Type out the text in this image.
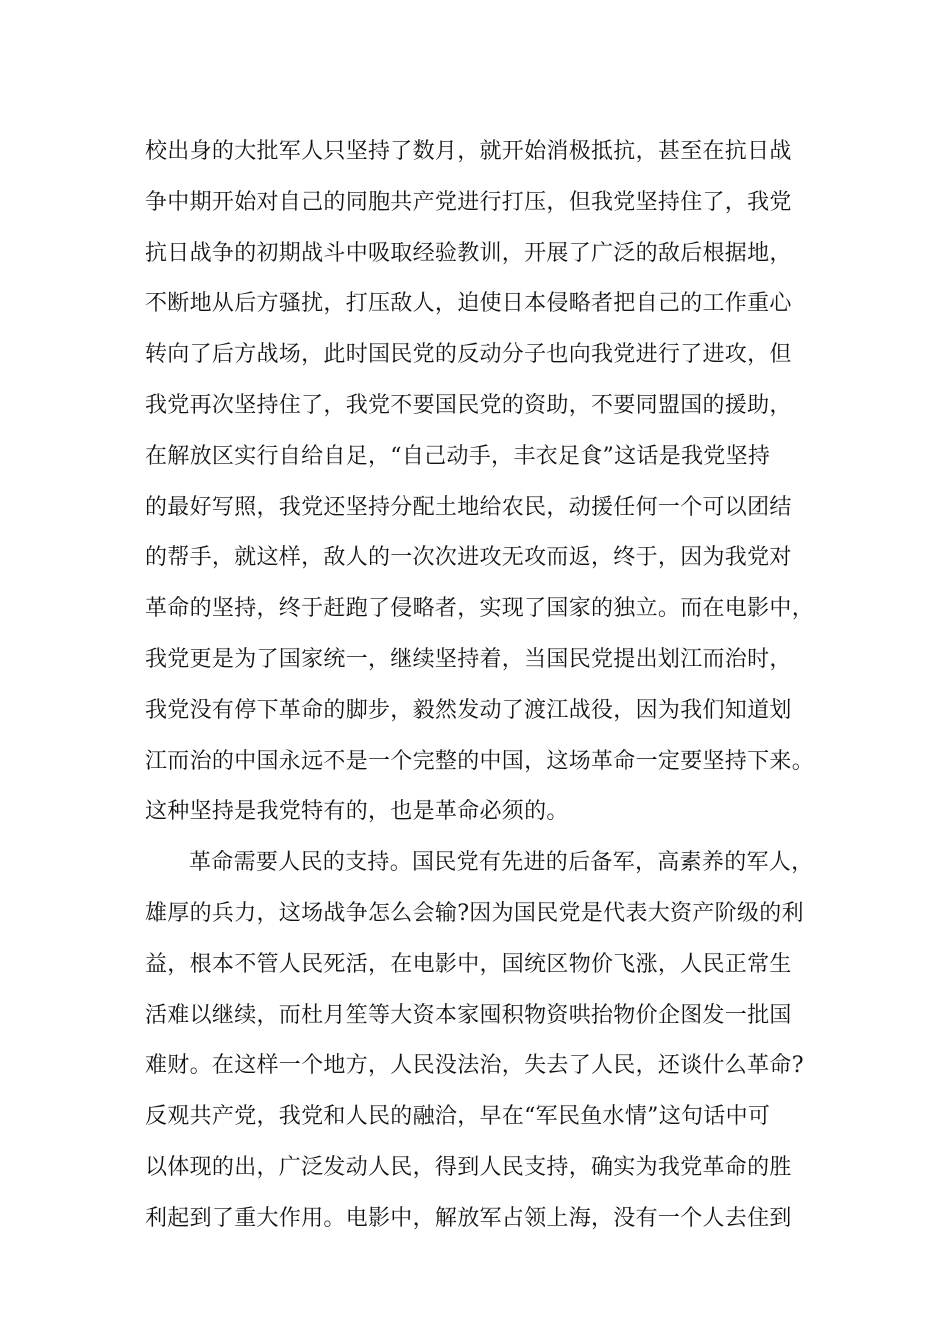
校出身的大批军人只坚持了数月，就开始消极抵抗，甚至在抗日战
争中期开始对自己的同胞共产党进行打压，但我党坚持住了，我党
抗日战争的初期战斗中吸取经验教训，开展了广泛的敌后根据地，
不断地从后方骚扰，打压敌人，迫使日本侵略者把自己的工作重心
转向了后方战场，此时国民党的反动分子也向我党进行了进攻，但
我党再次坚持住了，我党不要国民党的资助，不要同盟国的援助，
在解放区实行自给自足，“自己动手，丰衣足食”这话是我党坚持
的最好写照，我党还坚持分配土地给农民，动援任何一个可以团结
的帮手，就这样，敌人的一次次进攻无攻而返，终于，因为我党对
革命的坚持，终于赶跑了侵略者，实现了国家的独立。而在电影中，
我党更是为了国家统一，继续坚持着，当国民党提出划江而治时，
我党没有停下革命的脚步，毅然发动了渡江战役，因为我们知道划
江而治的中国永远不是一个完整的中国，这场革命一定要坚持下来。
这种坚持是我党特有的，也是革命必须的。
革命需要人民的支持。国民党有先进的后备军，高素养的军人，
雄厚的兵力，这场战争怎么会输?因为国民党是代表大资产阶级的利
益，根本不管人民死活，在电影中，国统区物价飞涨，人民正常生
活难以继续，而杜月笙等大资本家囤积物资哄抬物价企图发一批国
难财。在这样一个地方，人民没法治，失去了人民，还谈什么革命?
反观共产党，我党和人民的融洽，早在“军民鱼水情”这句话中可
以体现的出，广泛发动人民，得到人民支持，确实为我党革命的胜
利起到了重大作用。电影中，解放军占领上海，没有一个人去住到
